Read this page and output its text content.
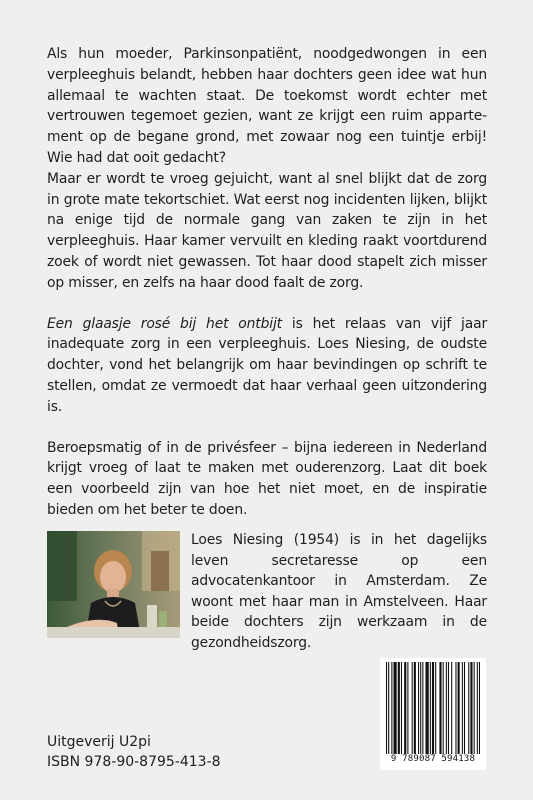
Als hun moeder, Parkinsonpatiënt, noodgedwongen in een verpleeghuis belandt, hebben haar dochters geen idee wat hun allemaal te wachten staat. De toekomst wordt echter met vertrouwen tegemoet gezien, want ze krijgt een ruim apparte-ment op de begane grond, met zowaar nog een tuintje erbij! Wie had dat ooit gedacht?

Maar er wordt te vroeg gejuicht, want al snel blijkt dat de zorg in grote mate tekortschiet. Wat eerst nog incidenten lijken, blijkt na enige tijd de normale gang van zaken te zijn in het verpleeghuis. Haar kamer vervuilt en kleding raakt voortdurend zoek of wordt niet gewassen. Tot haar dood stapelt zich misser op misser, en zelfs na haar dood faalt de zorg.

Een glaasje rosé bij het ontbijt is het relaas van vijf jaar inadequate zorg in een verpleeghuis. Loes Niesing, de oudste dochter, vond het belangrijk om haar bevindingen op schrift te stellen, omdat ze vermoedt dat haar verhaal geen uitzondering is.

Beroepsmatig of in de privésfeer – bijna iedereen in Nederland krijgt vroeg of laat te maken met ouderenzorg. Laat dit boek een voorbeeld zijn van hoe het niet moet, en de inspiratie bieden om het beter te doen.

Loes Niesing (1954) is in het dagelijks leven secretaresse op een advocatenkantoor in Amsterdam. Ze woont met haar man in Amstelveen. Haar beide dochters zijn werkzaam in de gezondheidszorg.

Uitgeverij U2pi
ISBN 978-90-8795-413-8	9 789087 594138
